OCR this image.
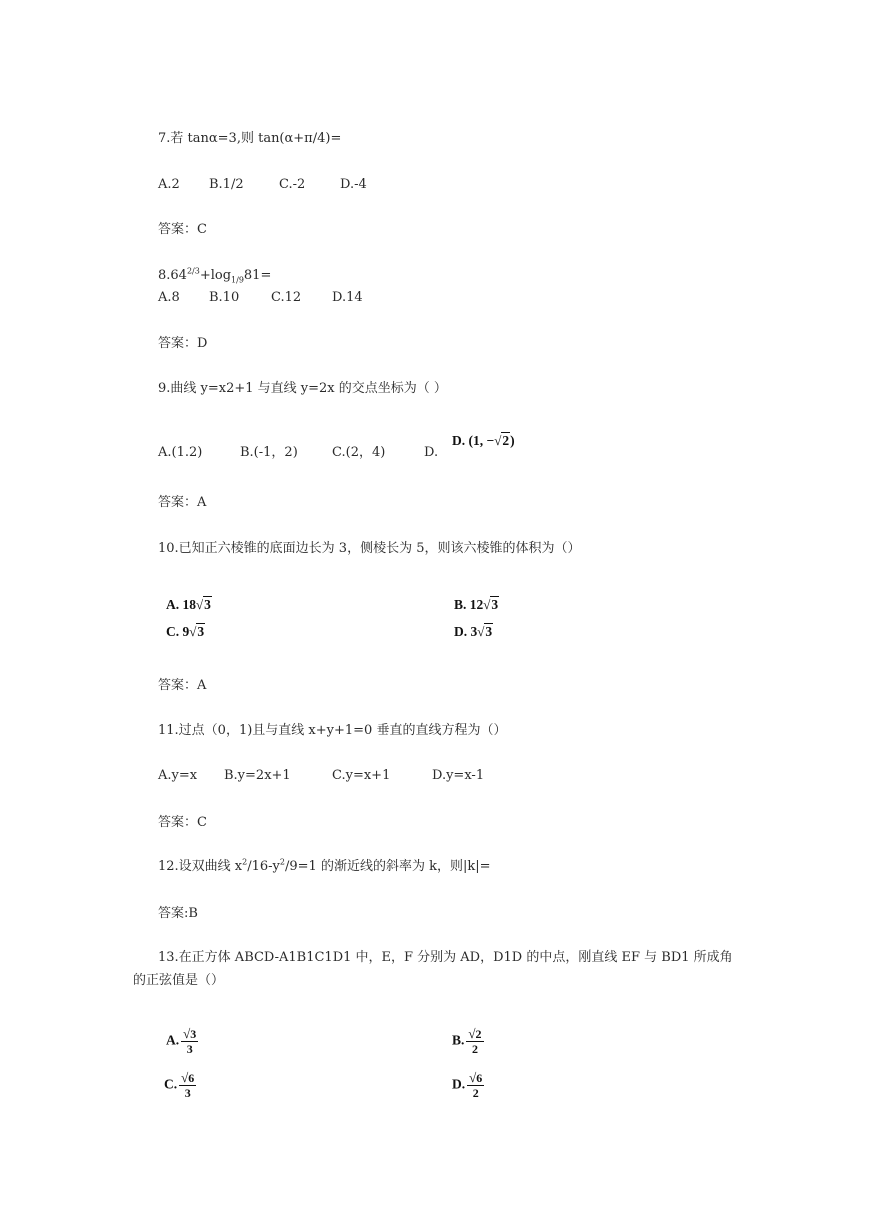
7.若 tanα=3,则 tan(α+π/4)=
A.2 B.1/2	C.-2	D.-4
答案：C
$8.64^{2/3}+\log_{1/9}81=$
A.8 B.10 C.12 D.14
答案：D
9.曲线 y=x2+1 与直线 y=2x 的交点坐标为（ ）
A.(1.2)	B.(-1，2)	C.(2，4)	D.
D. (1, −√2)
答案：A
10.已知正六棱锥的底面边长为 3，侧棱长为 5，则该六棱锥的体积为（）
A. 18√3	B. 12√3
C. 9√3	D. 3√3
答案：A
11.过点（0，1)且与直线 x+y+1=0 垂直的直线方程为（）
A.y=x B.y=2x+1	C.y=x+1	D.y=x-1
答案：C
12.设双曲线 $x^2/16-y^2/9=1$ 的渐近线的斜率为 k，则|k|=
答案:B
13.在正方体 ABCD-A1B1C1D1 中，E，F 分别为 AD，D1D 的中点，刚直线 EF 与 BD1 所成角
的正弦值是（）
A. $\frac{√3}{3}$	B. $\frac{√2}{2}$
C. $\frac{√6}{3}$	D. $\frac{√6}{2}$
